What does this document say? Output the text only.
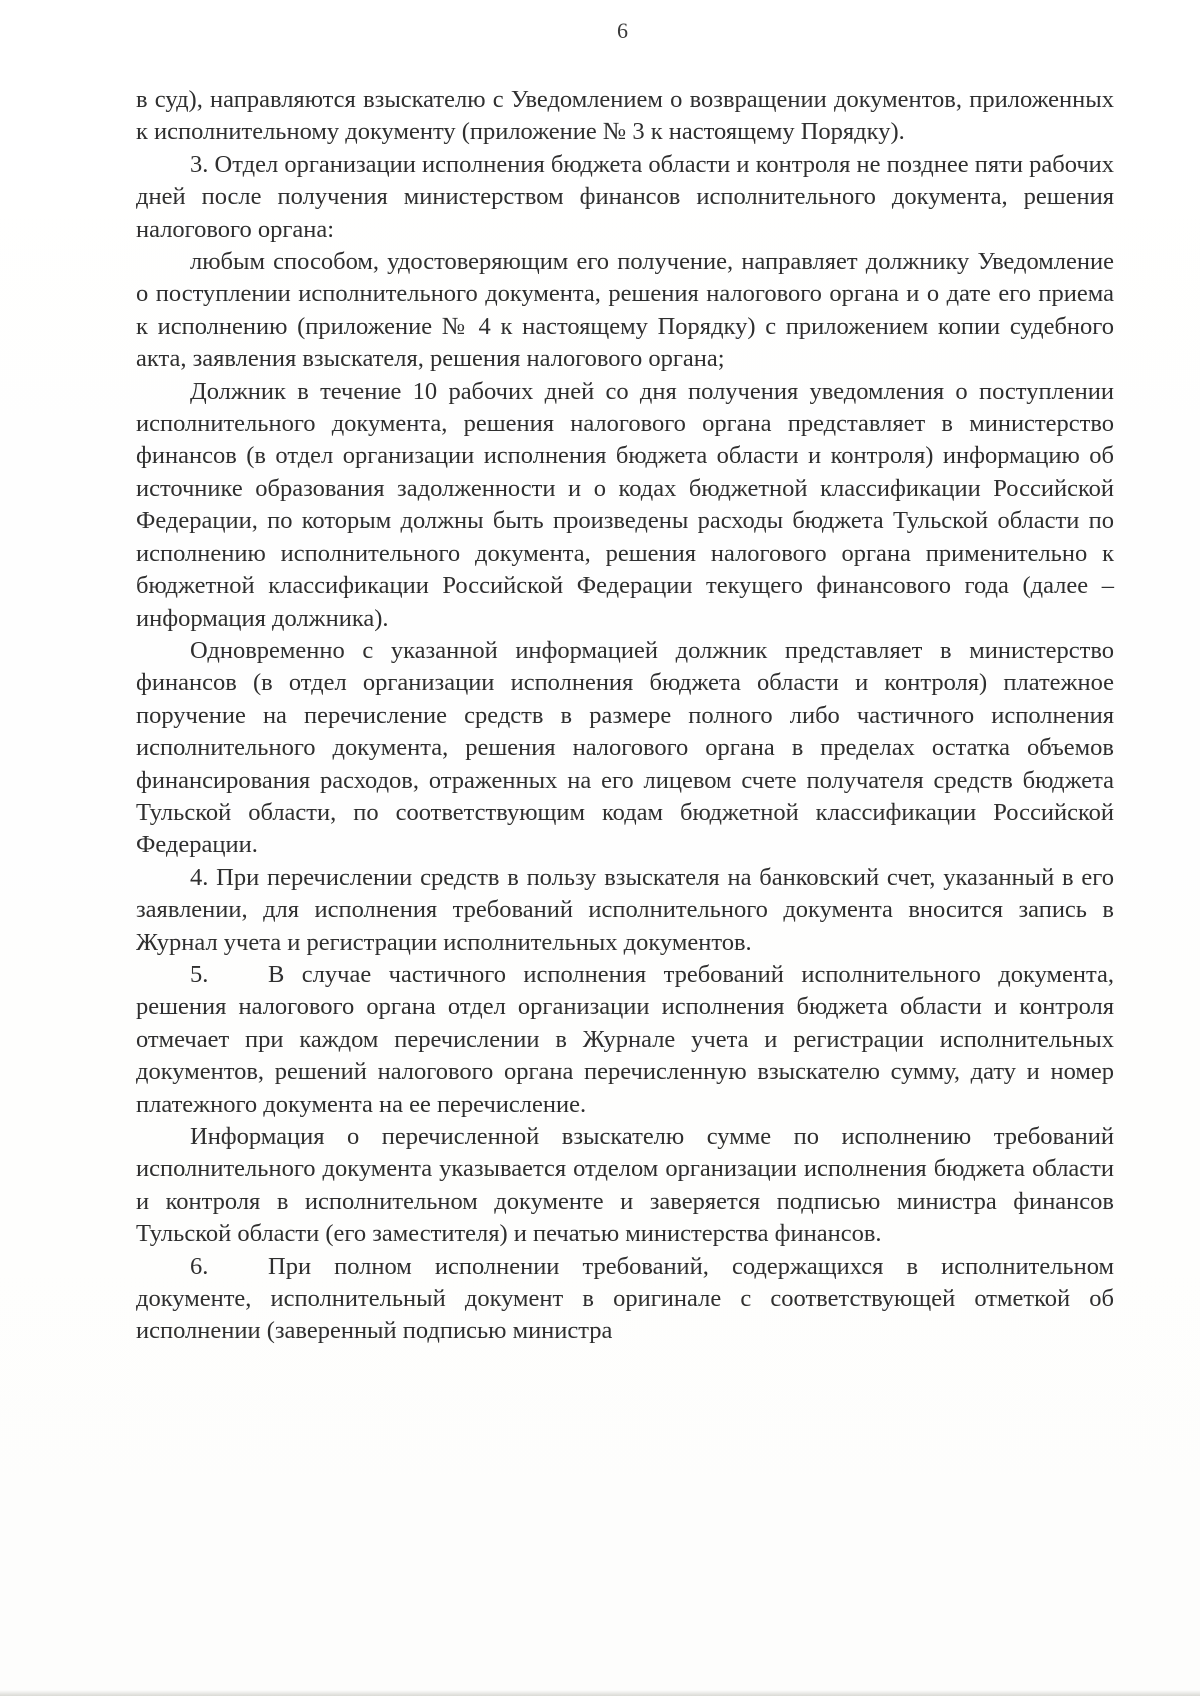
6

в суд), направляются взыскателю с Уведомлением о возвращении документов, приложенных к исполнительному документу (приложение № 3 к настоящему Порядку).

3. Отдел организации исполнения бюджета области и контроля не позднее пяти рабочих дней после получения министерством финансов исполнительного документа, решения налогового органа:

любым способом, удостоверяющим его получение, направляет должнику Уведомление о поступлении исполнительного документа, решения налогового органа и о дате его приема к исполнению (приложение № 4 к настоящему Порядку) с приложением копии судебного акта, заявления взыскателя, решения налогового органа;

Должник в течение 10 рабочих дней со дня получения уведомления о поступлении исполнительного документа, решения налогового органа представляет в министерство финансов (в отдел организации исполнения бюджета области и контроля) информацию об источнике образования задолженности и о кодах бюджетной классификации Российской Федерации, по которым должны быть произведены расходы бюджета Тульской области по исполнению исполнительного документа, решения налогового органа применительно к бюджетной классификации Российской Федерации текущего финансового года (далее – информация должника).

Одновременно с указанной информацией должник представляет в министерство финансов (в отдел организации исполнения бюджета области и контроля) платежное поручение на перечисление средств в размере полного либо частичного исполнения исполнительного документа, решения налогового органа в пределах остатка объемов финансирования расходов, отраженных на его лицевом счете получателя средств бюджета Тульской области, по соответствующим кодам бюджетной классификации Российской Федерации.

4. При перечислении средств в пользу взыскателя на банковский счет, указанный в его заявлении, для исполнения требований исполнительного документа вносится запись в Журнал учета и регистрации исполнительных документов.

5. В случае частичного исполнения требований исполнительного документа, решения налогового органа отдел организации исполнения бюджета области и контроля отмечает при каждом перечислении в Журнале учета и регистрации исполнительных документов, решений налогового органа перечисленную взыскателю сумму, дату и номер платежного документа на ее перечисление.

Информация о перечисленной взыскателю сумме по исполнению требований исполнительного документа указывается отделом организации исполнения бюджета области и контроля в исполнительном документе и заверяется подписью министра финансов Тульской области (его заместителя) и печатью министерства финансов.

6. При полном исполнении требований, содержащихся в исполнительном документе, исполнительный документ в оригинале с соответствующей отметкой об исполнении (заверенный подписью министра
